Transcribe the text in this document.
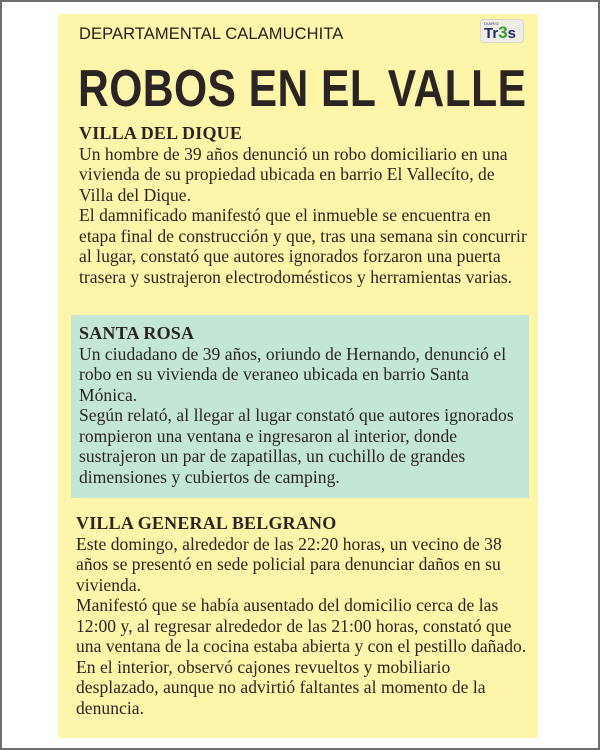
DEPARTAMENTAL CALAMUCHITA
DIARIO
Tr3s
ROBOS EN EL VALLE
VILLA DEL DIQUE

Un hombre de 39 años denunció un robo domiciliario en una vivienda de su propiedad ubicada en barrio El Vallecíto, de Villa del Dique.

El damnificado manifestó que el inmueble se encuentra en etapa final de construcción y que, tras una semana sin concurrir al lugar, constató que autores ignorados forzaron una puerta trasera y sustrajeron electrodomésticos y herramientas varias.

SANTA ROSA

Un ciudadano de 39 años, oriundo de Hernando, denunció el robo en su vivienda de veraneo ubicada en barrio Santa Mónica.

Según relató, al llegar al lugar constató que autores ignorados rompieron una ventana e ingresaron al interior, donde sustrajeron un par de zapatillas, un cuchillo de grandes dimensiones y cubiertos de camping.

VILLA GENERAL BELGRANO

Este domingo, alrededor de las 22:20 horas, un vecino de 38 años se presentó en sede policial para denunciar daños en su vivienda.

Manifestó que se había ausentado del domicilio cerca de las 12:00 y, al regresar alrededor de las 21:00 horas, constató que una ventana de la cocina estaba abierta y con el pestillo dañado.

En el interior, observó cajones revueltos y mobiliario desplazado, aunque no advirtió faltantes al momento de la denuncia.
